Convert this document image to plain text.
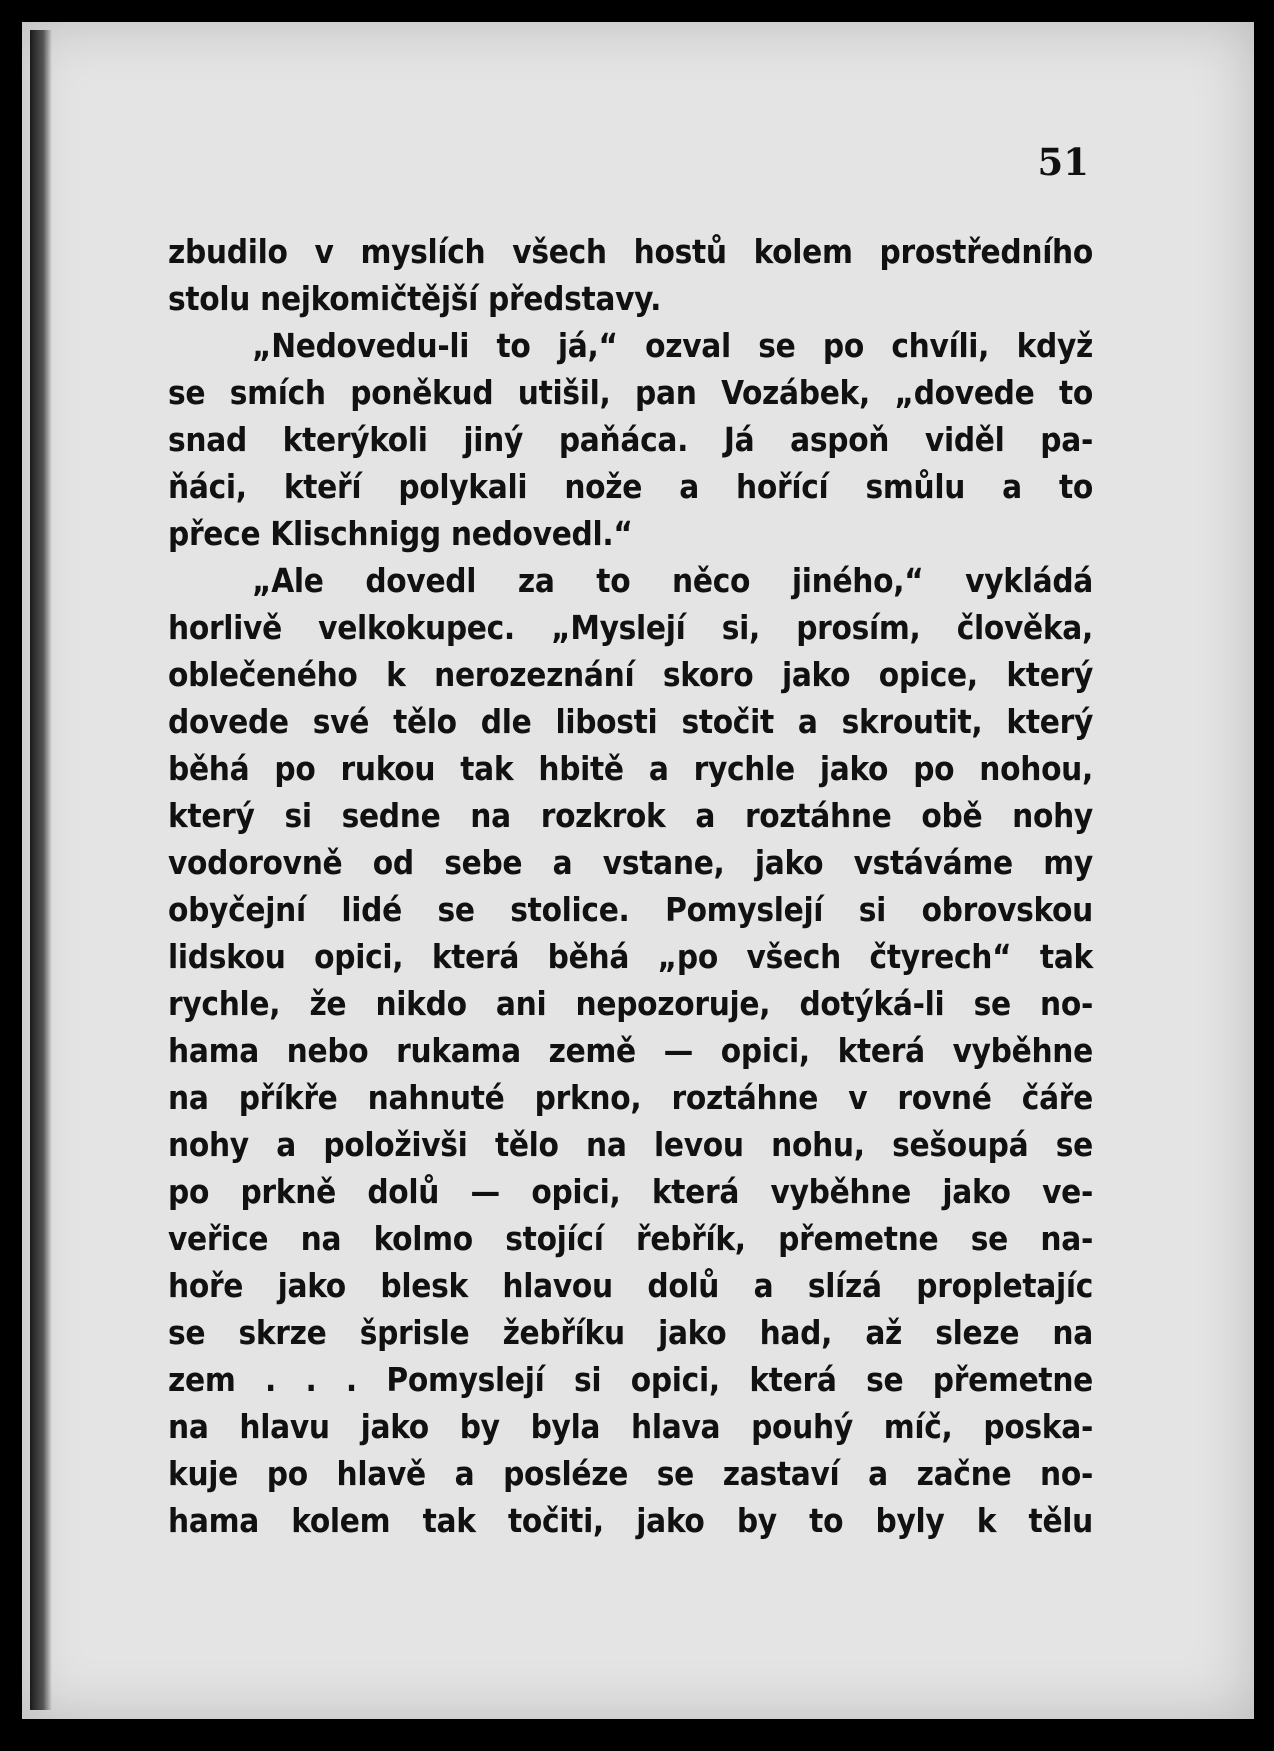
51
zbudilo v myslích všech hostů kolem prostředního
stolu nejkomičtější představy.
„Nedovedu-li to já,“ ozval se po chvíli, když
se smích poněkud utišil, pan Vozábek, „dovede to
snad kterýkoli jiný paňáca. Já aspoň viděl pa-
ňáci, kteří polykali nože a hořící smůlu a to
přece Klischnigg nedovedl.“
„Ale dovedl za to něco jiného,“ vykládá
horlivě velkokupec. „Myslejí si, prosím, člověka,
oblečeného k nerozeznání skoro jako opice, který
dovede své tělo dle libosti stočit a skroutit, který
běhá po rukou tak hbitě a rychle jako po nohou,
který si sedne na rozkrok a roztáhne obě nohy
vodorovně od sebe a vstane, jako vstáváme my
obyčejní lidé se stolice. Pomyslejí si obrovskou
lidskou opici, která běhá „po všech čtyrech“ tak
rychle, že nikdo ani nepozoruje, dotýká-li se no-
hama nebo rukama země — opici, která vyběhne
na příkře nahnuté prkno, roztáhne v rovné čáře
nohy a položivši tělo na levou nohu, sešoupá se
po prkně dolů — opici, která vyběhne jako ve-
veřice na kolmo stojící řebřík, přemetne se na-
hoře jako blesk hlavou dolů a slízá propletajíc
se skrze šprisle žebříku jako had, až sleze na
zem . . . Pomyslejí si opici, která se přemetne
na hlavu jako by byla hlava pouhý míč, poska-
kuje po hlavě a posléze se zastaví a začne no-
hama kolem tak točiti, jako by to byly k tělu
